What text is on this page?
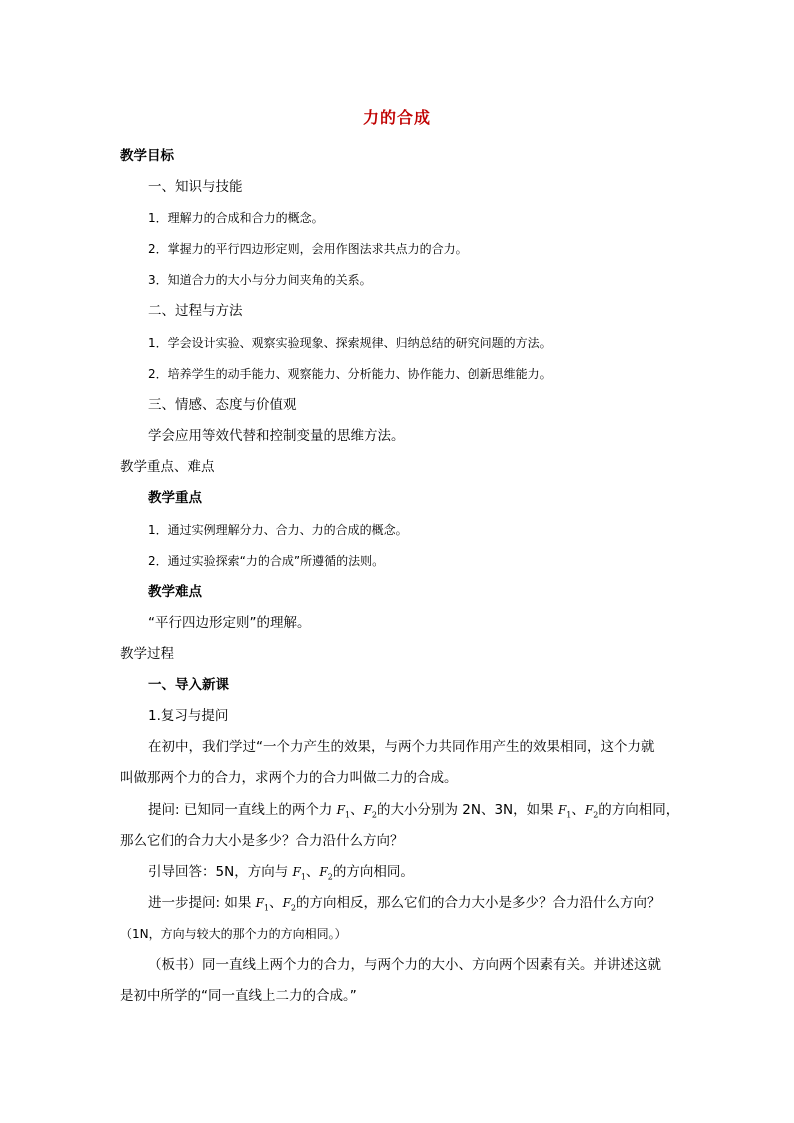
力的合成
教学目标
一、知识与技能
1．理解力的合成和合力的概念。
2．掌握力的平行四边形定则，会用作图法求共点力的合力。
3．知道合力的大小与分力间夹角的关系。
二、过程与方法
1．学会设计实验、观察实验现象、探索规律、归纳总结的研究问题的方法。
2．培养学生的动手能力、观察能力、分析能力、协作能力、创新思维能力。
三、情感、态度与价值观
学会应用等效代替和控制变量的思维方法。
教学重点、难点
教学重点
1．通过实例理解分力、合力、力的合成的概念。
2．通过实验探索“力的合成”所遵循的法则。
教学难点
“平行四边形定则”的理解。
教学过程
一、导入新课
1.复习与提问
在初中，我们学过“一个力产生的效果，与两个力共同作用产生的效果相同，这个力就
叫做那两个力的合力，求两个力的合力叫做二力的合成。
提问: 已知同一直线上的两个力 $F_1$、$F_2$的大小分别为 2N、3N，如果 $F_1$、$F_2$的方向相同，
那么它们的合力大小是多少？合力沿什么方向？
引导回答：5N，方向与 $F_1$、$F_2$的方向相同。
进一步提问: 如果 $F_1$、$F_2$的方向相反，那么它们的合力大小是多少？合力沿什么方向？
（1N，方向与较大的那个力的方向相同。）
（板书）同一直线上两个力的合力，与两个力的大小、方向两个因素有关。并讲述这就
是初中所学的“同一直线上二力的合成。”
